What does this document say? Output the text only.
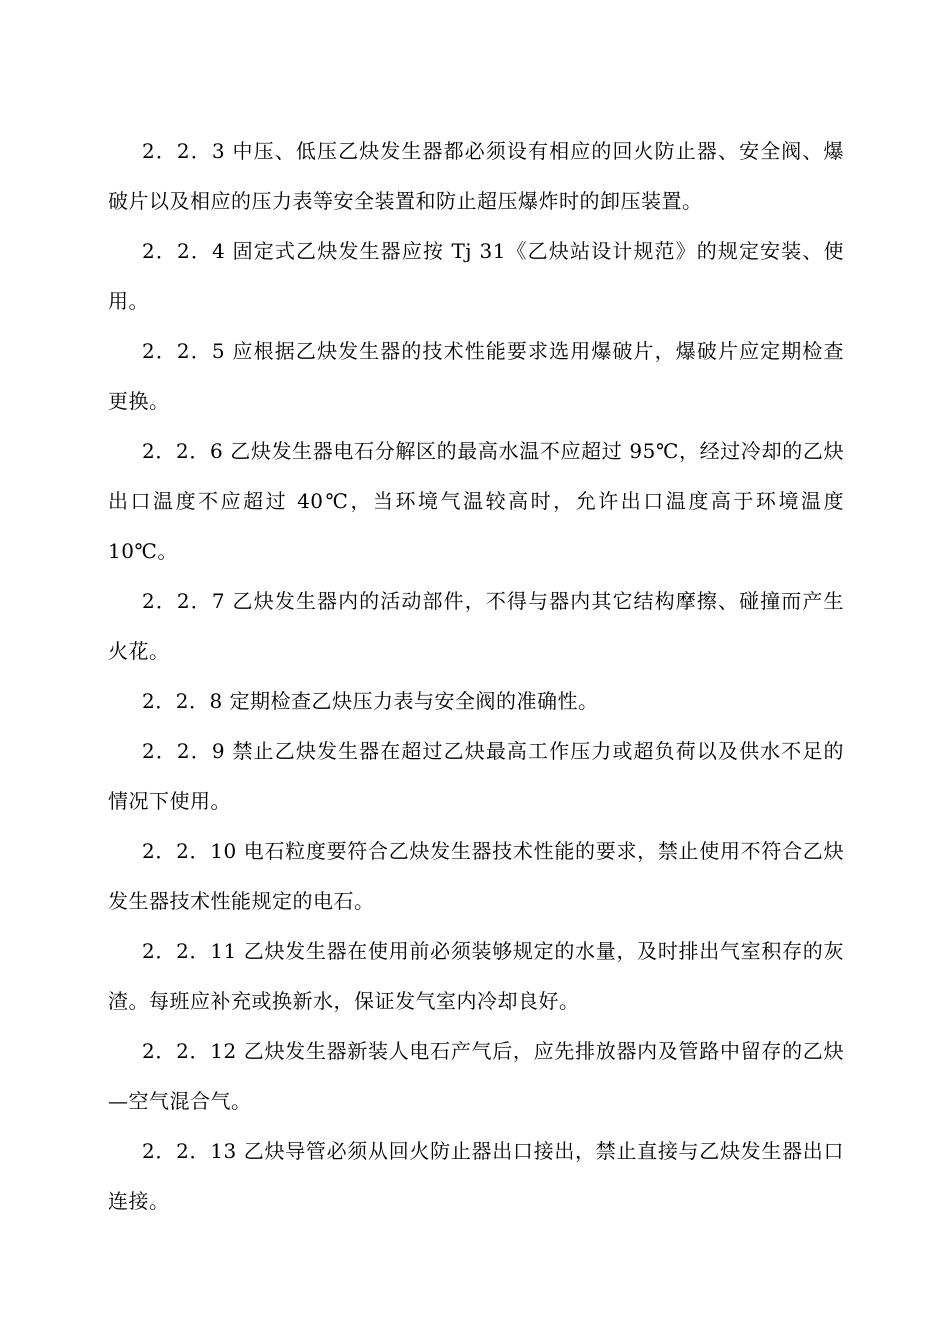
2．2．3 中压、低压乙炔发生器都必须设有相应的回火防止器、安全阀、爆破片以及相应的压力表等安全装置和防止超压爆炸时的卸压装置。

2．2．4 固定式乙炔发生器应按 Tj 31《乙炔站设计规范》的规定安装、使用。

2．2．5 应根据乙炔发生器的技术性能要求选用爆破片，爆破片应定期检查更换。

2．2．6 乙炔发生器电石分解区的最高水温不应超过 95℃，经过冷却的乙炔出口温度不应超过 40℃，当环境气温较高时，允许出口温度高于环境温度 10℃。

2．2．7 乙炔发生器内的活动部件，不得与器内其它结构摩擦、碰撞而产生火花。

2．2．8 定期检查乙炔压力表与安全阀的准确性。

2．2．9 禁止乙炔发生器在超过乙炔最高工作压力或超负荷以及供水不足的情况下使用。

2．2．10 电石粒度要符合乙炔发生器技术性能的要求，禁止使用不符合乙炔发生器技术性能规定的电石。

2．2．11 乙炔发生器在使用前必须装够规定的水量，及时排出气室积存的灰渣。每班应补充或换新水，保证发气室内冷却良好。

2．2．12 乙炔发生器新装人电石产气后，应先排放器内及管路中留存的乙炔—空气混合气。

2．2．13 乙炔导管必须从回火防止器出口接出，禁止直接与乙炔发生器出口连接。
